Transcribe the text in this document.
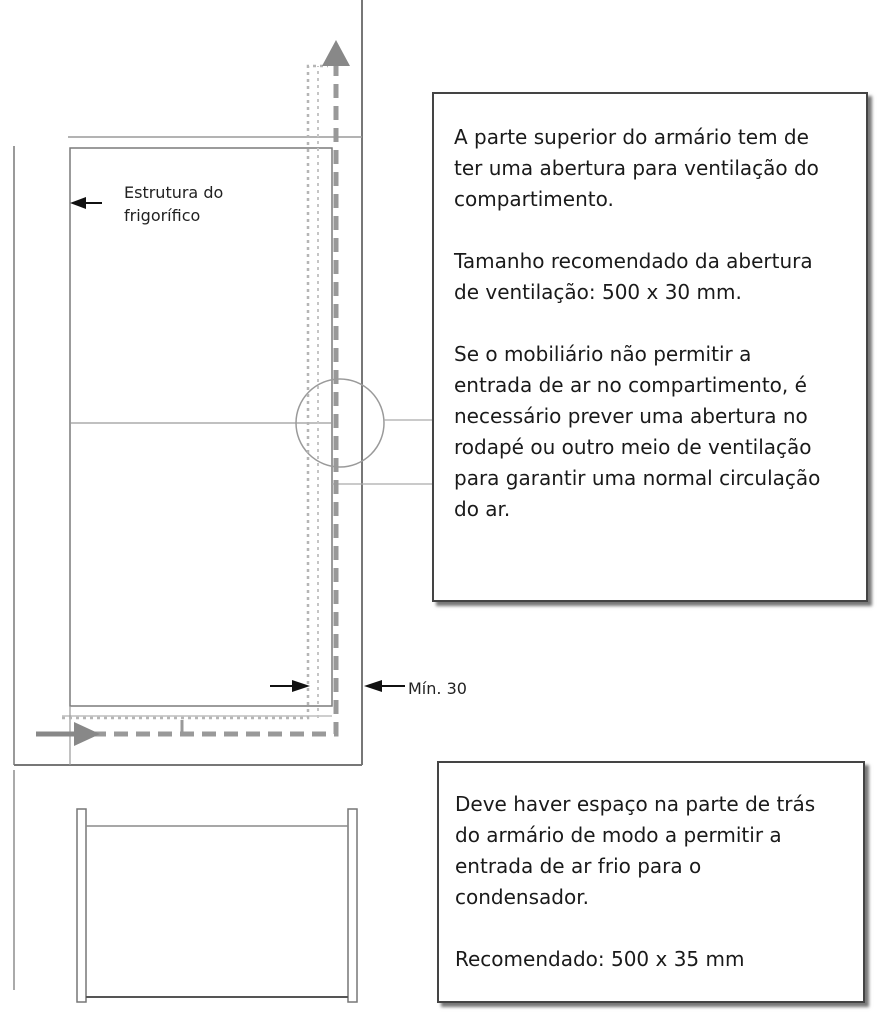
Estrutura do
frigorífico
Mín. 30

A parte superior do armário tem de

ter uma abertura para ventilação do

compartimento.

Tamanho recomendado da abertura

de ventilação: 500 x 30 mm.

Se o mobiliário não permitir a

entrada de ar no compartimento, é

necessário prever uma abertura no

rodapé ou outro meio de ventilação

para garantir uma normal circulação

do ar.

Deve haver espaço na parte de trás

do armário de modo a permitir a

entrada de ar frio para o

condensador.

Recomendado: 500 x 35 mm
